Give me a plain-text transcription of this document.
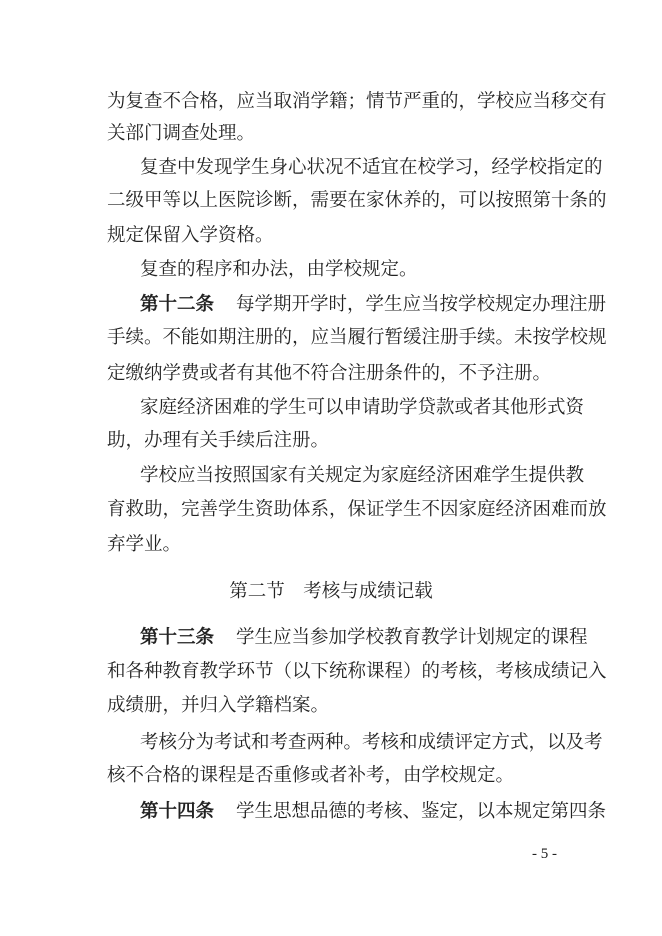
为复查不合格，应当取消学籍；情节严重的，学校应当移交有
关部门调查处理。
复查中发现学生身心状况不适宜在校学习，经学校指定的
二级甲等以上医院诊断，需要在家休养的，可以按照第十条的
规定保留入学资格。
复查的程序和办法，由学校规定。
第十二条 每学期开学时，学生应当按学校规定办理注册
手续。不能如期注册的，应当履行暂缓注册手续。未按学校规
定缴纳学费或者有其他不符合注册条件的，不予注册。
家庭经济困难的学生可以申请助学贷款或者其他形式资
助，办理有关手续后注册。
学校应当按照国家有关规定为家庭经济困难学生提供教
育救助，完善学生资助体系，保证学生不因家庭经济困难而放
弃学业。
第二节　考核与成绩记载
第十三条 学生应当参加学校教育教学计划规定的课程
和各种教育教学环节（以下统称课程）的考核，考核成绩记入
成绩册，并归入学籍档案。
考核分为考试和考查两种。考核和成绩评定方式，以及考
核不合格的课程是否重修或者补考，由学校规定。
第十四条 学生思想品德的考核、鉴定，以本规定第四条
- 5 -
